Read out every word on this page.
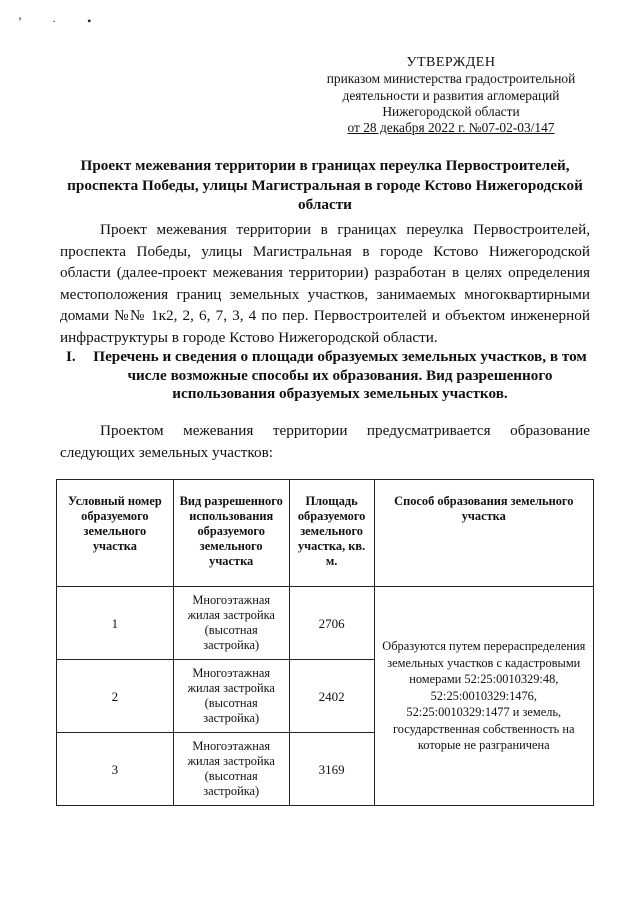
’ · •
УТВЕРЖДЕН
приказом министерства градостроительной
деятельности и развития агломераций
Нижегородской области
от 28 декабря 2022 г. №07-02-03/147
Проект межевания территории в границах переулка Первостроителей, проспекта Победы, улицы Магистральная в городе Кстово Нижегородской области

Проект межевания территории в границах переулка Первостроителей, проспекта Победы, улицы Магистральная в городе Кстово Нижегородской области (далее-проект межевания территории) разработан в целях определения местоположения границ земельных участков, занимаемых многоквартирными домами №№ 1к2, 2, 6, 7, 3, 4 по пер. Первостроителей и объектом инженерной инфраструктуры в городе Кстово Нижегородской области.

I.	Перечень и сведения о площади образуемых земельных участков, в том числе возможные способы их образования. Вид разрешенного использования образуемых земельных участков.

Проектом межевания территории предусматривается образование следующих земельных участков:

Условный номер образуемого земельного участка	Вид разрешенного использования образуемого земельного участка	Площадь образуемого земельного участка, кв. м.	Способ образования земельного участка
1	Многоэтажная жилая застройка (высотная застройка)	2706	Образуются путем перераспределения земельных участков с кадастровыми номерами 52:25:0010329:48, 52:25:0010329:1476, 52:25:0010329:1477 и земель, государственная собственность на которые не разграничена
2	Многоэтажная жилая застройка (высотная застройка)	2402	
3	Многоэтажная жилая застройка (высотная застройка)	3169	
